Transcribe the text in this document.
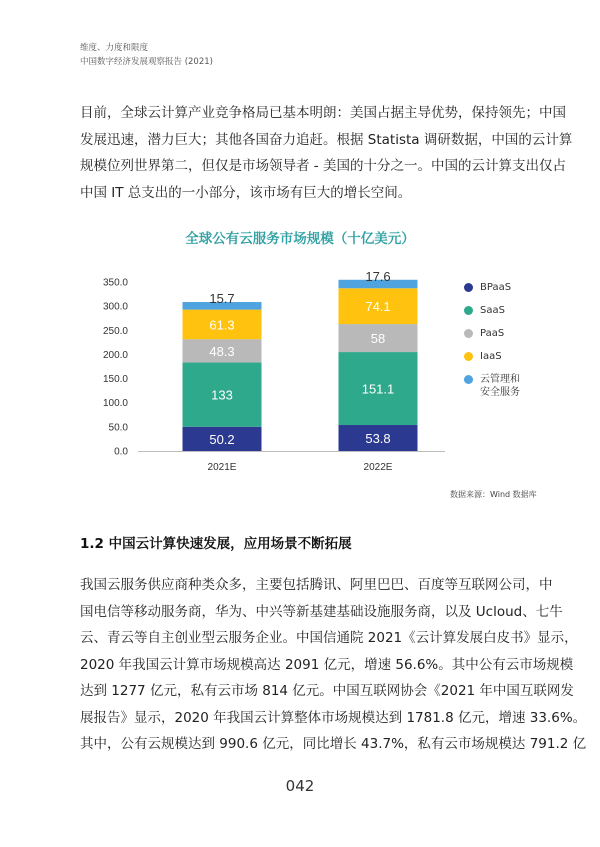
维度、力度和限度
中国数字经济发展观察报告 (2021)

目前，全球云计算产业竞争格局已基本明朗：美国占据主导优势，保持领先；中国
发展迅速，潜力巨大；其他各国奋力追赶。根据 Statista 调研数据，中国的云计算
规模位列世界第二，但仅是市场领导者 - 美国的十分之一。中国的云计算支出仅占
中国 IT 总支出的一小部分，该市场有巨大的增长空间。

全球公有云服务市场规模（十亿美元）
350.0
300.0
250.0
200.0
150.0
100.0
50.0
0.0
50.2
133
48.3
61.3
15.7
2021E
53.8
151.1
58
74.1
17.6
2022E
BPaaS
SaaS
PaaS
IaaS
云管理和
安全服务
数据来源：Wind 数据库
1.2 中国云计算快速发展，应用场景不断拓展

我国云服务供应商种类众多，主要包括腾讯、阿里巴巴、百度等互联网公司，中
国电信等移动服务商，华为、中兴等新基建基础设施服务商，以及 Ucloud、七牛
云、青云等自主创业型云服务企业。中国信通院 2021《云计算发展白皮书》显示，
2020 年我国云计算市场规模高达 2091 亿元，增速 56.6%。其中公有云市场规模
达到 1277 亿元，私有云市场 814 亿元。中国互联网协会《2021 年中国互联网发
展报告》显示，2020 年我国云计算整体市场规模达到 1781.8 亿元，增速 33.6%。
其中，公有云规模达到 990.6 亿元，同比增长 43.7%，私有云市场规模达 791.2 亿

042
